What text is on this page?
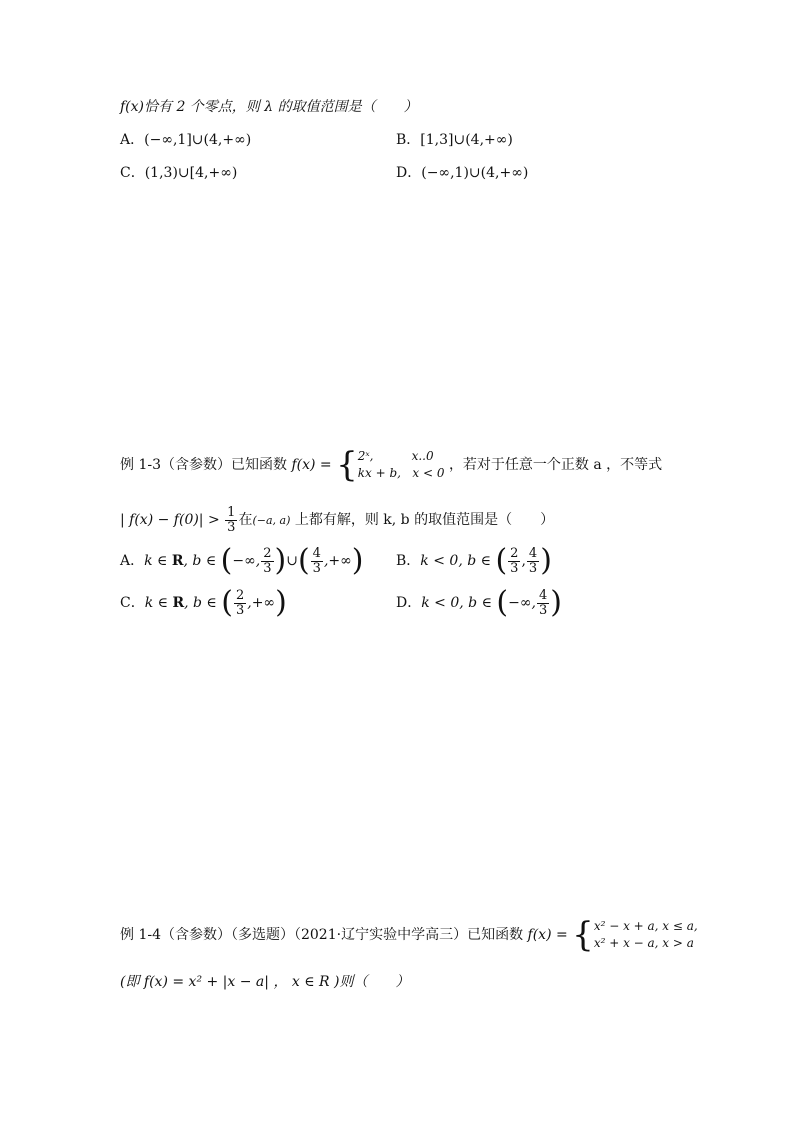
f(x)恰有 2 个零点，则 λ 的取值范围是（　　）
A．(−∞,1]∪(4,+∞)	B．[1,3]∪(4,+∞)
C．(1,3)∪[4,+∞)	D．(−∞,1)∪(4,+∞)
例 1-3（含参数）已知函数 f(x) = { 2ˣ,          x..0
kx + b,   x < 0 ，若对于任意一个正数 a ，不等式
| $f(x) - f(0)| > \frac{1}{3}$ 在(−a, a) 上都有解，则 k, b 的取值范围是（　　）
A．k ∈ R, b ∈ (−∞, $\frac{2}{3}$ )∪( $\frac{4}{3}$ ,+∞) B．k < 0, b ∈ ( $\frac{2}{3}$ , $\frac{4}{3}$ )
C．k ∈ R, b ∈ ( $\frac{2}{3}$ ,+∞)	D．k < 0, b ∈ (−∞, $\frac{4}{3}$ )
例 1-4（含参数）（多选题）（2021·辽宁实验中学高三）已知函数 f(x) = { x² − x + a, x ≤ a,
x² + x − a, x > a
(即 f(x) = x² + |x − a| ， x ∈ R )则（　　）
